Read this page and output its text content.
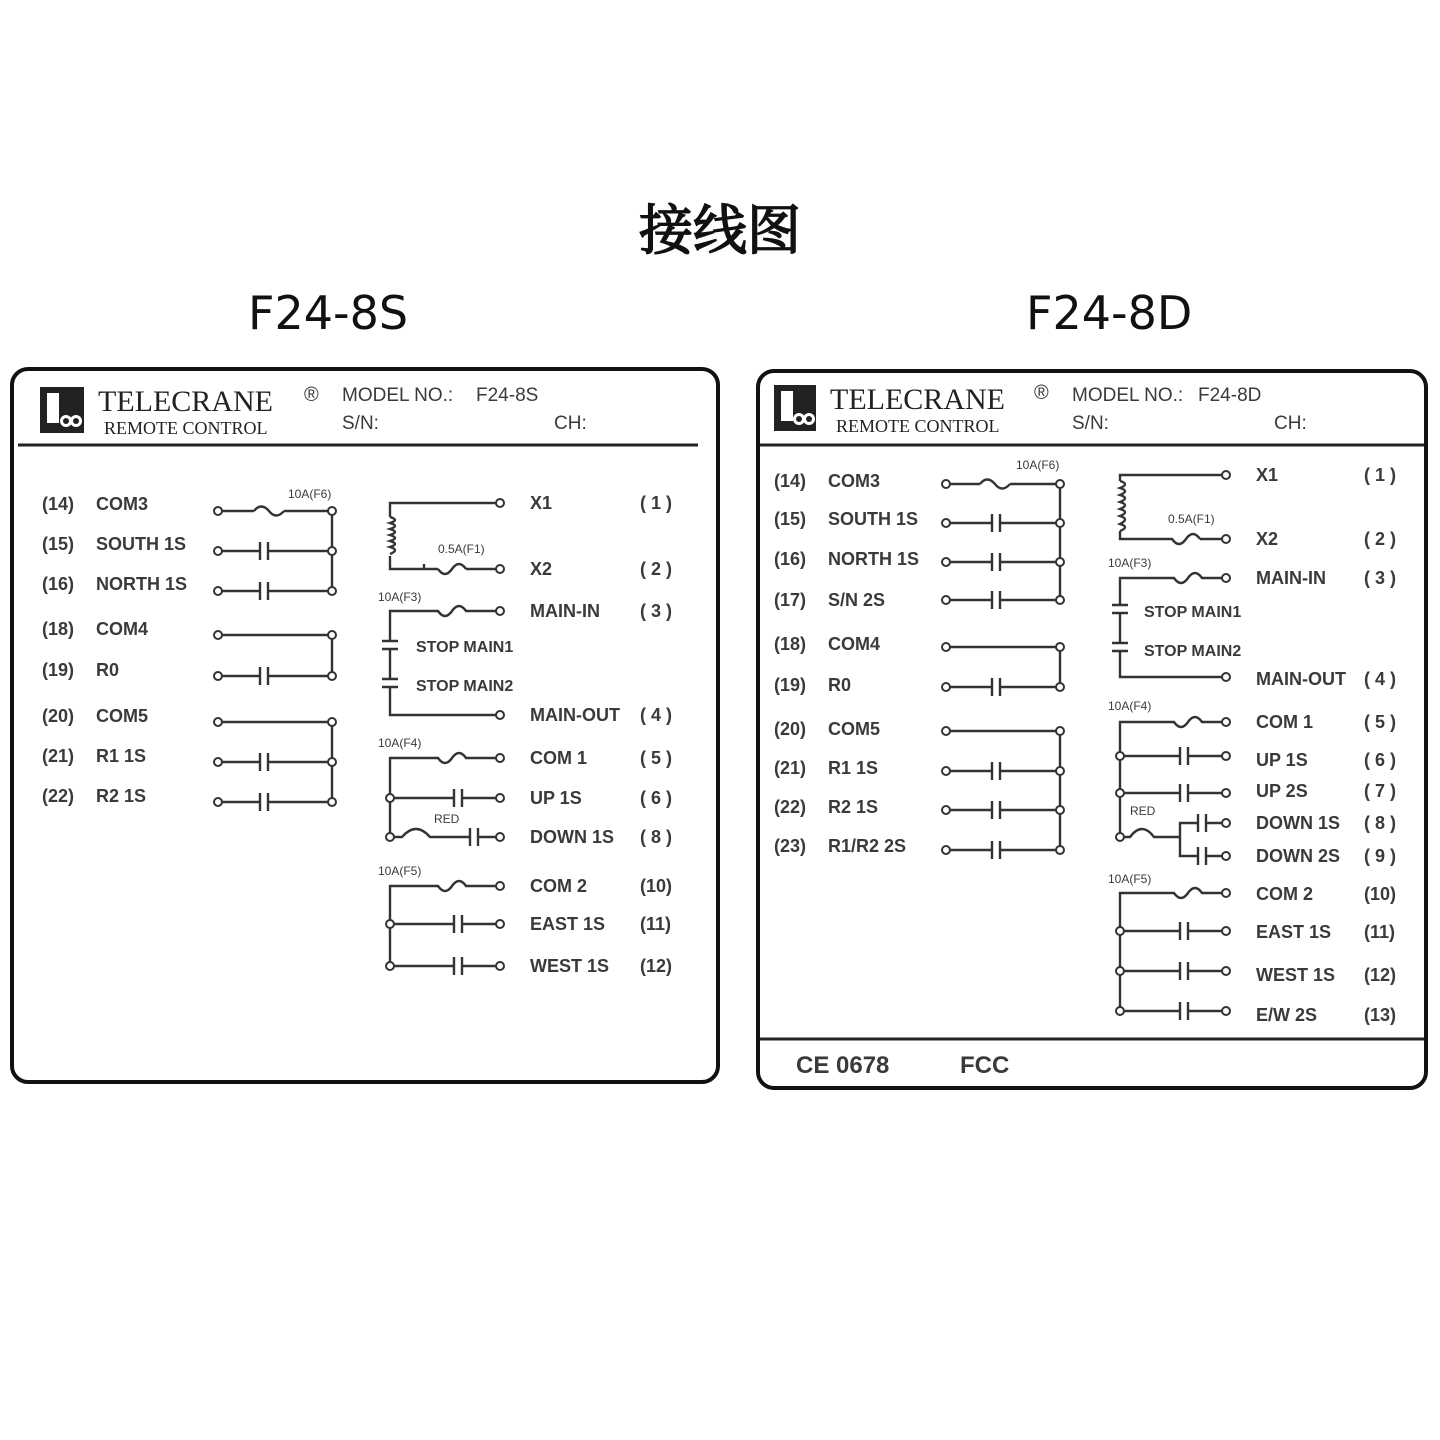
接线图
F24-8S	F24-8D
TELECRANE ®
REMOTE CONTROL
MODEL NO.: F24-8S
S/N:	CH:
(14) COM3
(15) SOUTH 1S
(16) NORTH 1S
(18) COM4
(19) R0
(20) COM5
(21) R1 1S
(22) R2 1S
10A(F6)
0.5A(F1)
10A(F3)
STOP MAIN1
STOP MAIN2
10A(F4)
RED
10A(F5)
X1	( 1 )
X2	( 2 )
MAIN-IN ( 3 )
MAIN-OUT ( 4 )
COM 1	( 5 )
UP 1S	( 6 )
DOWN 1S ( 8 )
COM 2	(10)
EAST 1S (11)
WEST 1S (12)
TELECRANE ®
REMOTE CONTROL
MODEL NO.: F24-8D
S/N:	CH:
(14) COM3
(15) SOUTH 1S
(16) NORTH 1S
(17) S/N 2S
(18) COM4
(19) R0
(20) COM5
(21) R1 1S
(22) R2 1S
(23) R1/R2 2S
10A(F6)
0.5A(F1)
10A(F3)
STOP MAIN1
STOP MAIN2
10A(F4)
RED
10A(F5)
X1	( 1 )
X2	( 2 )
MAIN-IN ( 3 )
MAIN-OUT ( 4 )
COM 1	( 5 )
UP 1S	( 6 )
UP 2S	( 7 )
DOWN 1S ( 8 )
DOWN 2S ( 9 )
COM 2	(10)
EAST 1S (11)
WEST 1S (12)
E/W 2S	(13)
CE 0678	FCC
